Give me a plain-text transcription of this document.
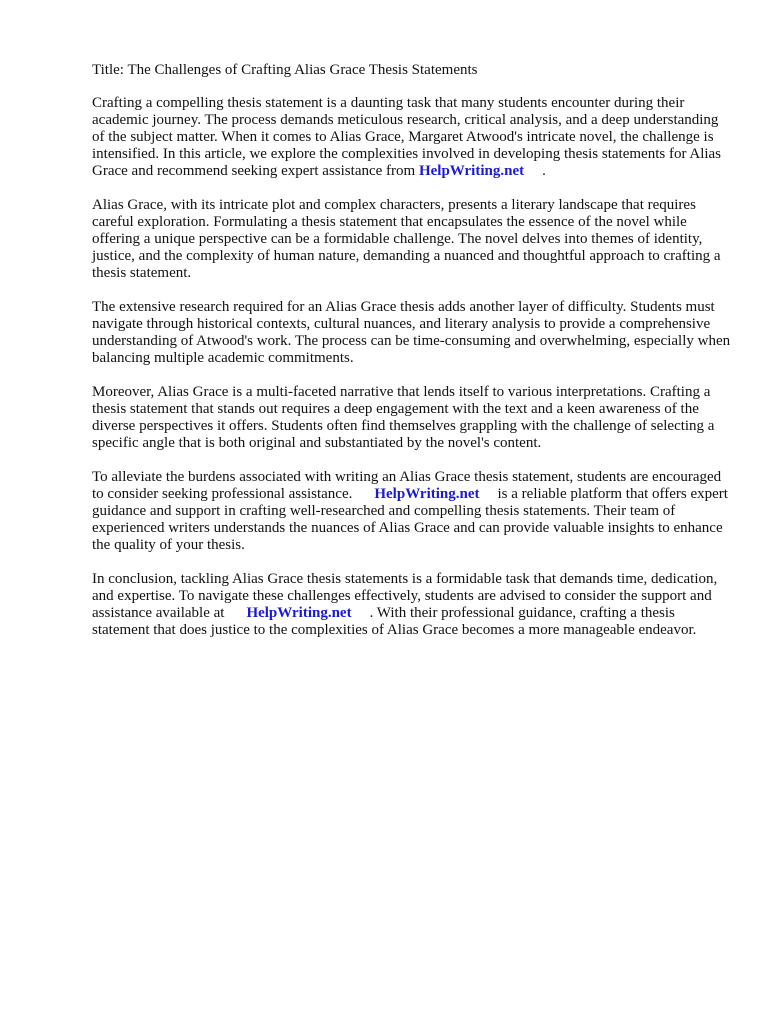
Title: The Challenges of Crafting Alias Grace Thesis Statements

Crafting a compelling thesis statement is a daunting task that many students encounter during their academic journey. The process demands meticulous research, critical analysis, and a deep understanding of the subject matter. When it comes to Alias Grace, Margaret Atwood's intricate novel, the challenge is intensified. In this article, we explore the complexities involved in developing thesis statements for Alias Grace and recommend seeking expert assistance from HelpWriting.net .

Alias Grace, with its intricate plot and complex characters, presents a literary landscape that requires careful exploration. Formulating a thesis statement that encapsulates the essence of the novel while offering a unique perspective can be a formidable challenge. The novel delves into themes of identity, justice, and the complexity of human nature, demanding a nuanced and thoughtful approach to crafting a thesis statement.

The extensive research required for an Alias Grace thesis adds another layer of difficulty. Students must navigate through historical contexts, cultural nuances, and literary analysis to provide a comprehensive understanding of Atwood's work. The process can be time-consuming and overwhelming, especially when balancing multiple academic commitments.

Moreover, Alias Grace is a multi-faceted narrative that lends itself to various interpretations. Crafting a thesis statement that stands out requires a deep engagement with the text and a keen awareness of the diverse perspectives it offers. Students often find themselves grappling with the challenge of selecting a specific angle that is both original and substantiated by the novel's content.

To alleviate the burdens associated with writing an Alias Grace thesis statement, students are encouraged to consider seeking professional assistance. HelpWriting.net is a reliable platform that offers expert guidance and support in crafting well-researched and compelling thesis statements. Their team of experienced writers understands the nuances of Alias Grace and can provide valuable insights to enhance the quality of your thesis.

In conclusion, tackling Alias Grace thesis statements is a formidable task that demands time, dedication, and expertise. To navigate these challenges effectively, students are advised to consider the support and assistance available at HelpWriting.net . With their professional guidance, crafting a thesis statement that does justice to the complexities of Alias Grace becomes a more manageable endeavor.
